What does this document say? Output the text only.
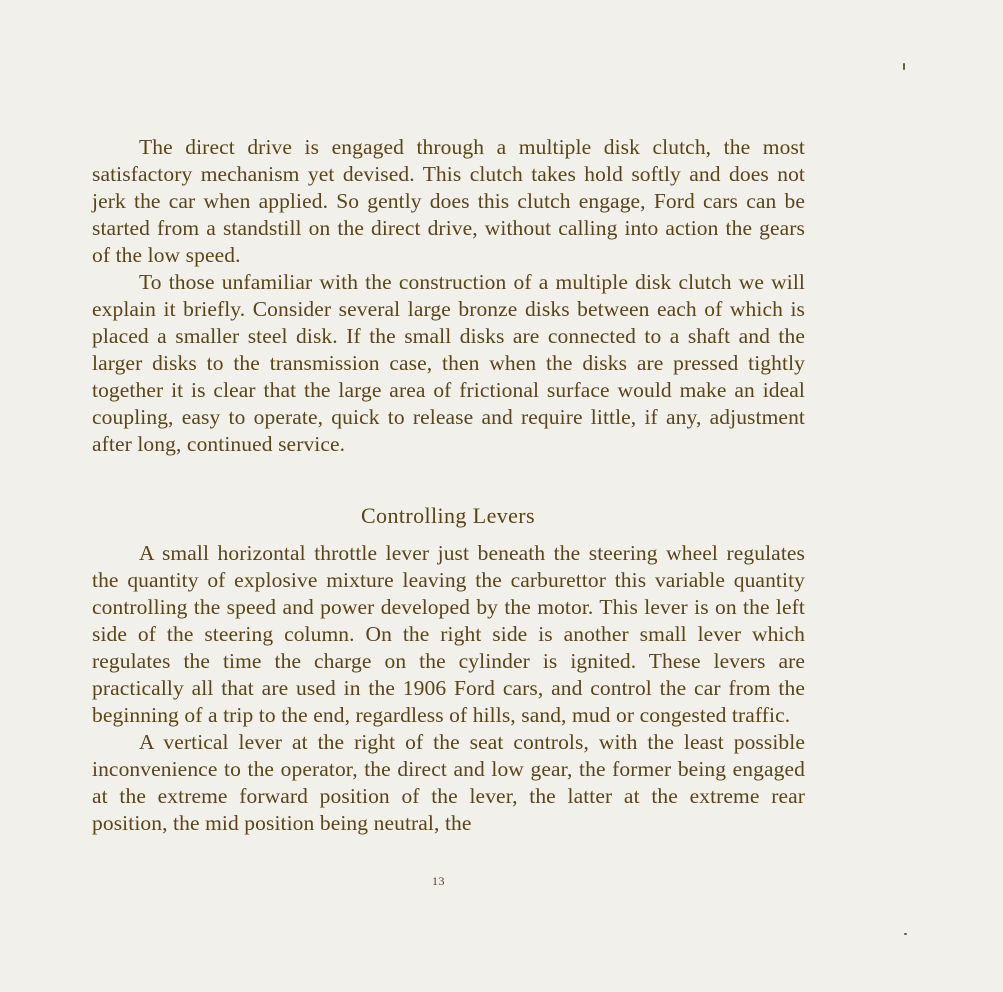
The direct drive is engaged through a multiple disk clutch, the most satisfactory mechanism yet devised. This clutch takes hold softly and does not jerk the car when applied. So gently does this clutch engage, Ford cars can be started from a standstill on the direct drive, without calling into action the gears of the low speed.

To those unfamiliar with the construction of a multiple disk clutch we will explain it briefly. Consider several large bronze disks between each of which is placed a smaller steel disk. If the small disks are connected to a shaft and the larger disks to the transmission case, then when the disks are pressed tightly together it is clear that the large area of frictional surface would make an ideal coupling, easy to operate, quick to release and require little, if any, adjustment after long, continued service.

Controlling Levers

A small horizontal throttle lever just beneath the steering wheel regulates the quantity of explosive mixture leaving the carburettor this variable quantity controlling the speed and power developed by the motor. This lever is on the left side of the steering column. On the right side is another small lever which regulates the time the charge on the cylinder is ignited. These levers are practically all that are used in the 1906 Ford cars, and control the car from the beginning of a trip to the end, regardless of hills, sand, mud or congested traffic.

A vertical lever at the right of the seat controls, with the least possible inconvenience to the operator, the direct and low gear, the former being engaged at the extreme forward position of the lever, the latter at the extreme rear position, the mid position being neutral, the

13
